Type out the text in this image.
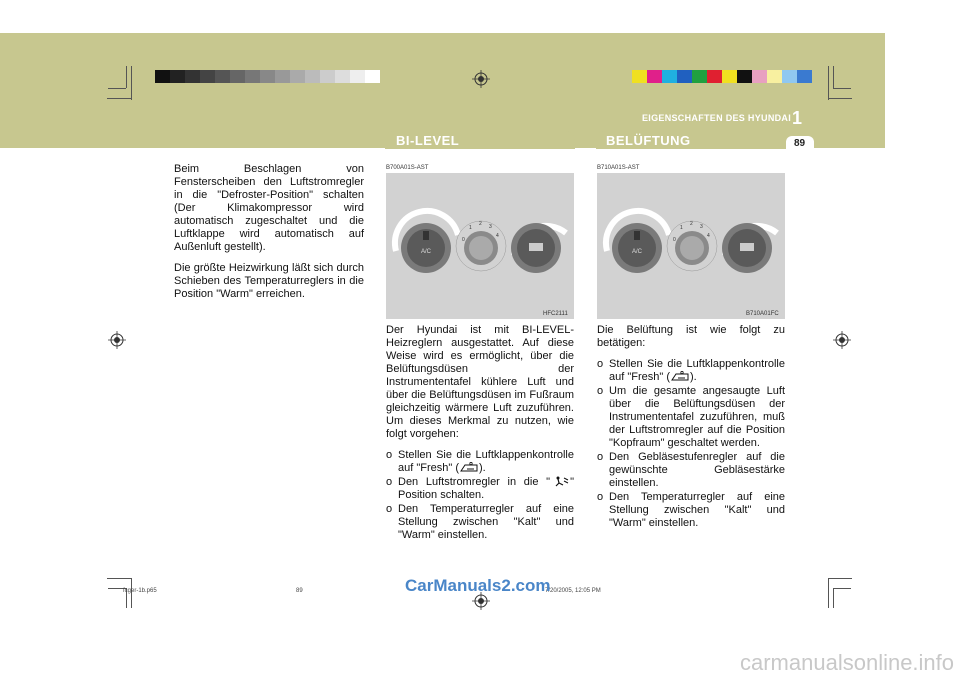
EIGENSCHAFTEN DES HYUNDAI 1
89
BI-LEVEL	BELÜFTUNG

Beim Beschlagen von Fensterscheiben den Luftstromregler in die "Defroster-Position" schalten (Der Klimakompressor wird automatisch zugeschaltet und die Luftklappe wird automatisch auf Außenluft gestellt).

Die größte Heizwirkung läßt sich durch Schieben des Temperaturreglers in die Position "Warm" erreichen.

B700A01S-AST
A/C
0
1
2 3
4
HFC2111

Der Hyundai ist mit BI-LEVEL-Heizreglern ausgestattet. Auf diese Weise wird es ermöglicht, über die Belüftungsdüsen der Instrumententafel kühlere Luft und über die Belüftungsdüsen im Fußraum gleichzeitig wärmere Luft zuzuführen. Um dieses Merkmal zu nutzen, wie folgt vorgehen:

o Stellen Sie die Luftklappenkontrolle auf "Fresh" ( ).
o Den Luftstromregler in die " " Position schalten.
o Den Temperaturregler auf eine Stellung zwischen "Kalt" und "Warm" einstellen.
B710A01S-AST
A/C
0
1
2 3
4
B710A01FC

Die Belüftung ist wie folgt zu betätigen:

o Stellen Sie die Luftklappenkontrolle auf "Fresh" ( ).
o Um die gesamte angesaugte Luft über die Belüftungsdüsen der Instrumententafel zuzuführen, muß der Luftstromregler auf die Position "Kopfraum" geschaltet werden.
o Den Gebläsestufenregler auf die gewünschte Gebläsestärke einstellen.
o Den Temperaturregler auf eine Stellung zwischen "Kalt" und "Warm" einstellen.
fcger-1b.p65	89	7/20/2005, 12:05 PM
CarManuals2.com
carmanualsonline.info
